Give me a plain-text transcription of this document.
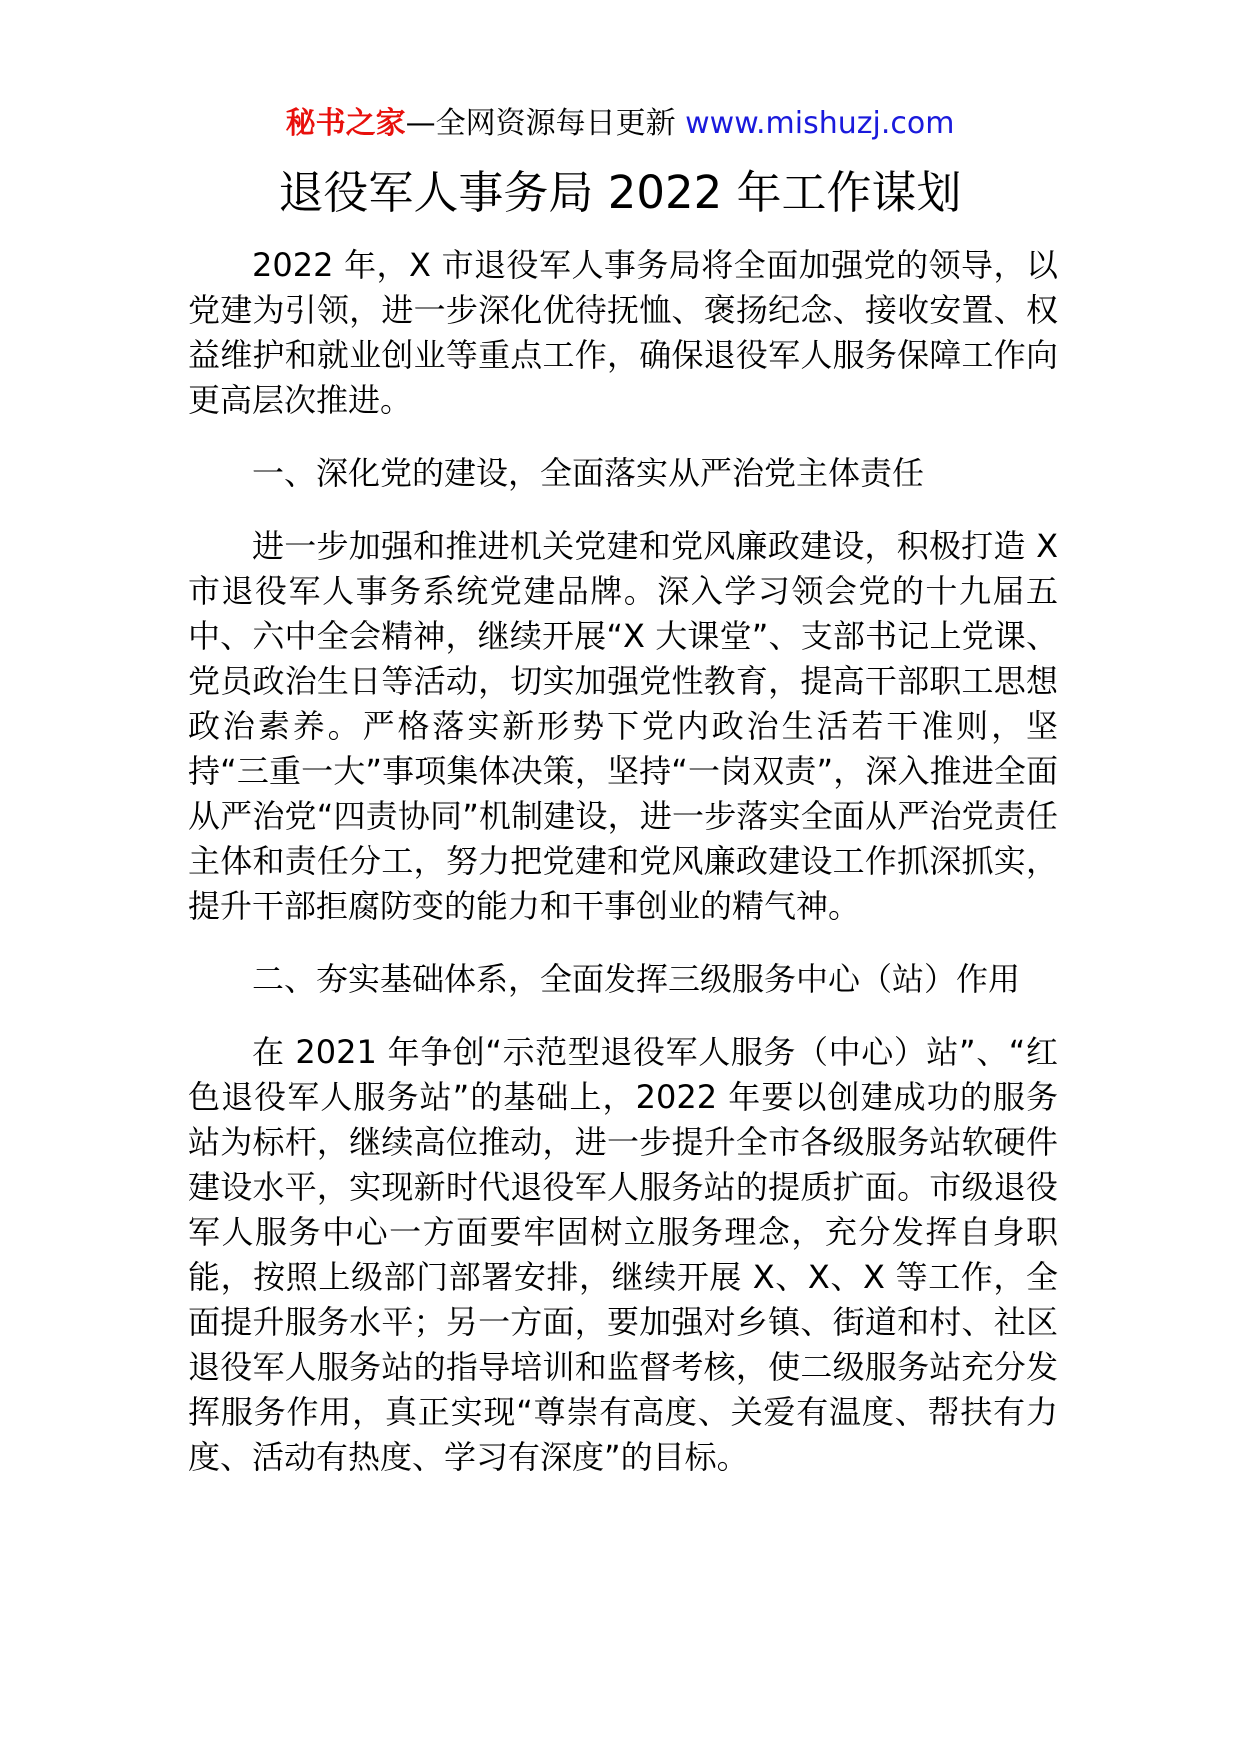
秘书之家—全网资源每日更新 www.mishuzj.com
退役军人事务局 2022 年工作谋划

2022 年，X 市退役军人事务局将全面加强党的领导，以党建为引领，进一步深化优待抚恤、褒扬纪念、接收安置、权益维护和就业创业等重点工作，确保退役军人服务保障工作向更高层次推进。

一、深化党的建设，全面落实从严治党主体责任

进一步加强和推进机关党建和党风廉政建设，积极打造 X 市退役军人事务系统党建品牌。深入学习领会党的十九届五中、六中全会精神，继续开展“X 大课堂”、支部书记上党课、党员政治生日等活动，切实加强党性教育，提高干部职工思想政治素养。严格落实新形势下党内政治生活若干准则，坚持“三重一大”事项集体决策，坚持“一岗双责”，深入推进全面从严治党“四责协同”机制建设，进一步落实全面从严治党责任主体和责任分工，努力把党建和党风廉政建设工作抓深抓实，提升干部拒腐防变的能力和干事创业的精气神。

二、夯实基础体系，全面发挥三级服务中心（站）作用

在 2021 年争创“示范型退役军人服务（中心）站”、“红色退役军人服务站”的基础上，2022 年要以创建成功的服务站为标杆，继续高位推动，进一步提升全市各级服务站软硬件建设水平，实现新时代退役军人服务站的提质扩面。市级退役军人服务中心一方面要牢固树立服务理念，充分发挥自身职能，按照上级部门部署安排，继续开展 X、X、X 等工作，全面提升服务水平；另一方面，要加强对乡镇、街道和村、社区退役军人服务站的指导培训和监督考核，使二级服务站充分发挥服务作用，真正实现“尊崇有高度、关爱有温度、帮扶有力度、活动有热度、学习有深度”的目标。
